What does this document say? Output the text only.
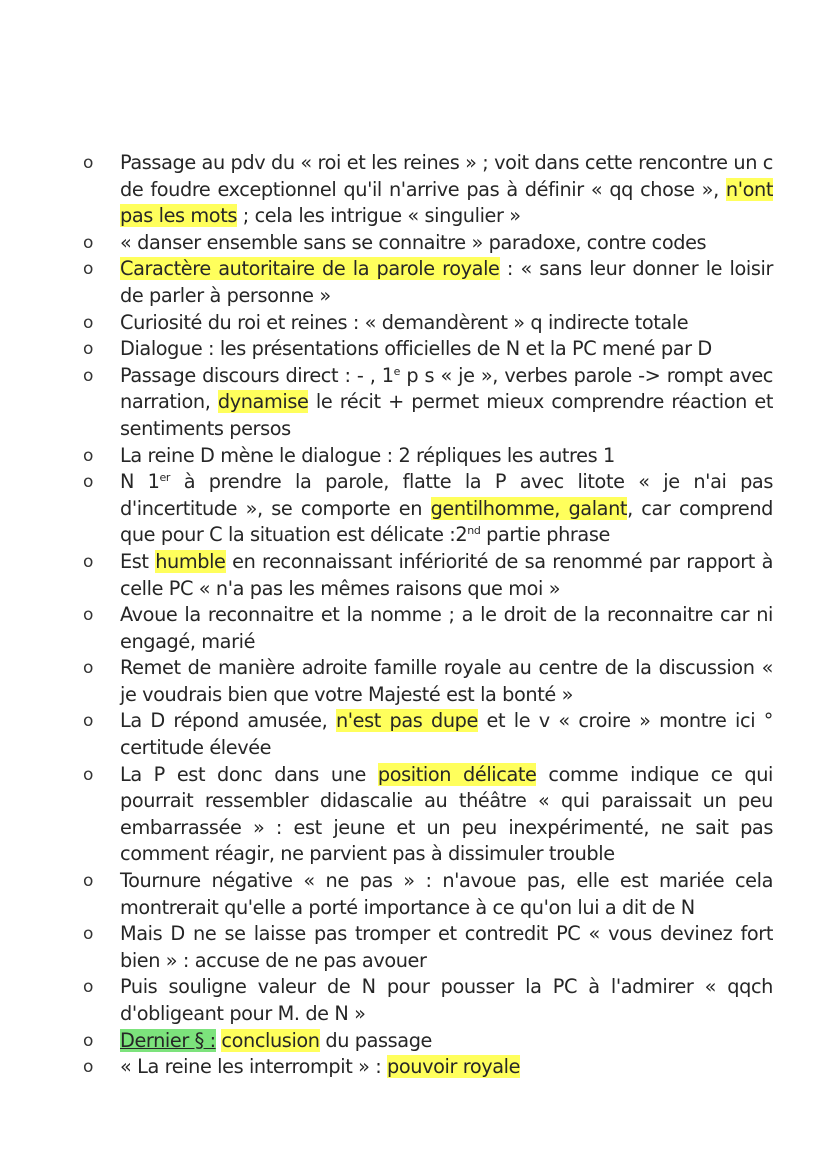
o Passage au pdv du « roi et les reines » ; voit dans cette rencontre un c de foudre exceptionnel qu'il n'arrive pas à définir « qq chose », n'ont pas les mots ; cela les intrigue « singulier »
o « danser ensemble sans se connaitre » paradoxe, contre codes
o Caractère autoritaire de la parole royale : « sans leur donner le loisir de parler à personne »
o Curiosité du roi et reines : « demandèrent » q indirecte totale
o Dialogue : les présentations officielles de N et la PC mené par D
o Passage discours direct : - , 1e p s « je », verbes parole -> rompt avec narration, dynamise le récit + permet mieux comprendre réaction et sentiments persos
o La reine D mène le dialogue : 2 répliques les autres 1
o N 1er à prendre la parole, flatte la P avec litote « je n'ai pas d'incertitude », se comporte en gentilhomme, galant, car comprend que pour C la situation est délicate :2nd partie phrase
o Est humble en reconnaissant infériorité de sa renommé par rapport à celle PC « n'a pas les mêmes raisons que moi »
o Avoue la reconnaitre et la nomme ; a le droit de la reconnaitre car ni engagé, marié
o Remet de manière adroite famille royale au centre de la discussion « je voudrais bien que votre Majesté est la bonté »
o La D répond amusée, n'est pas dupe et le v « croire » montre ici ° certitude élevée
o La P est donc dans une position délicate comme indique ce qui pourrait ressembler didascalie au théâtre « qui paraissait un peu embarrassée » : est jeune et un peu inexpérimenté, ne sait pas comment réagir, ne parvient pas à dissimuler trouble
o Tournure négative « ne pas » : n'avoue pas, elle est mariée cela montrerait qu'elle a porté importance à ce qu'on lui a dit de N
o Mais D ne se laisse pas tromper et contredit PC « vous devinez fort bien » : accuse de ne pas avouer
o Puis souligne valeur de N pour pousser la PC à l'admirer « qqch d'obligeant pour M. de N »
o Dernier § : conclusion du passage
o « La reine les interrompit » : pouvoir royale
